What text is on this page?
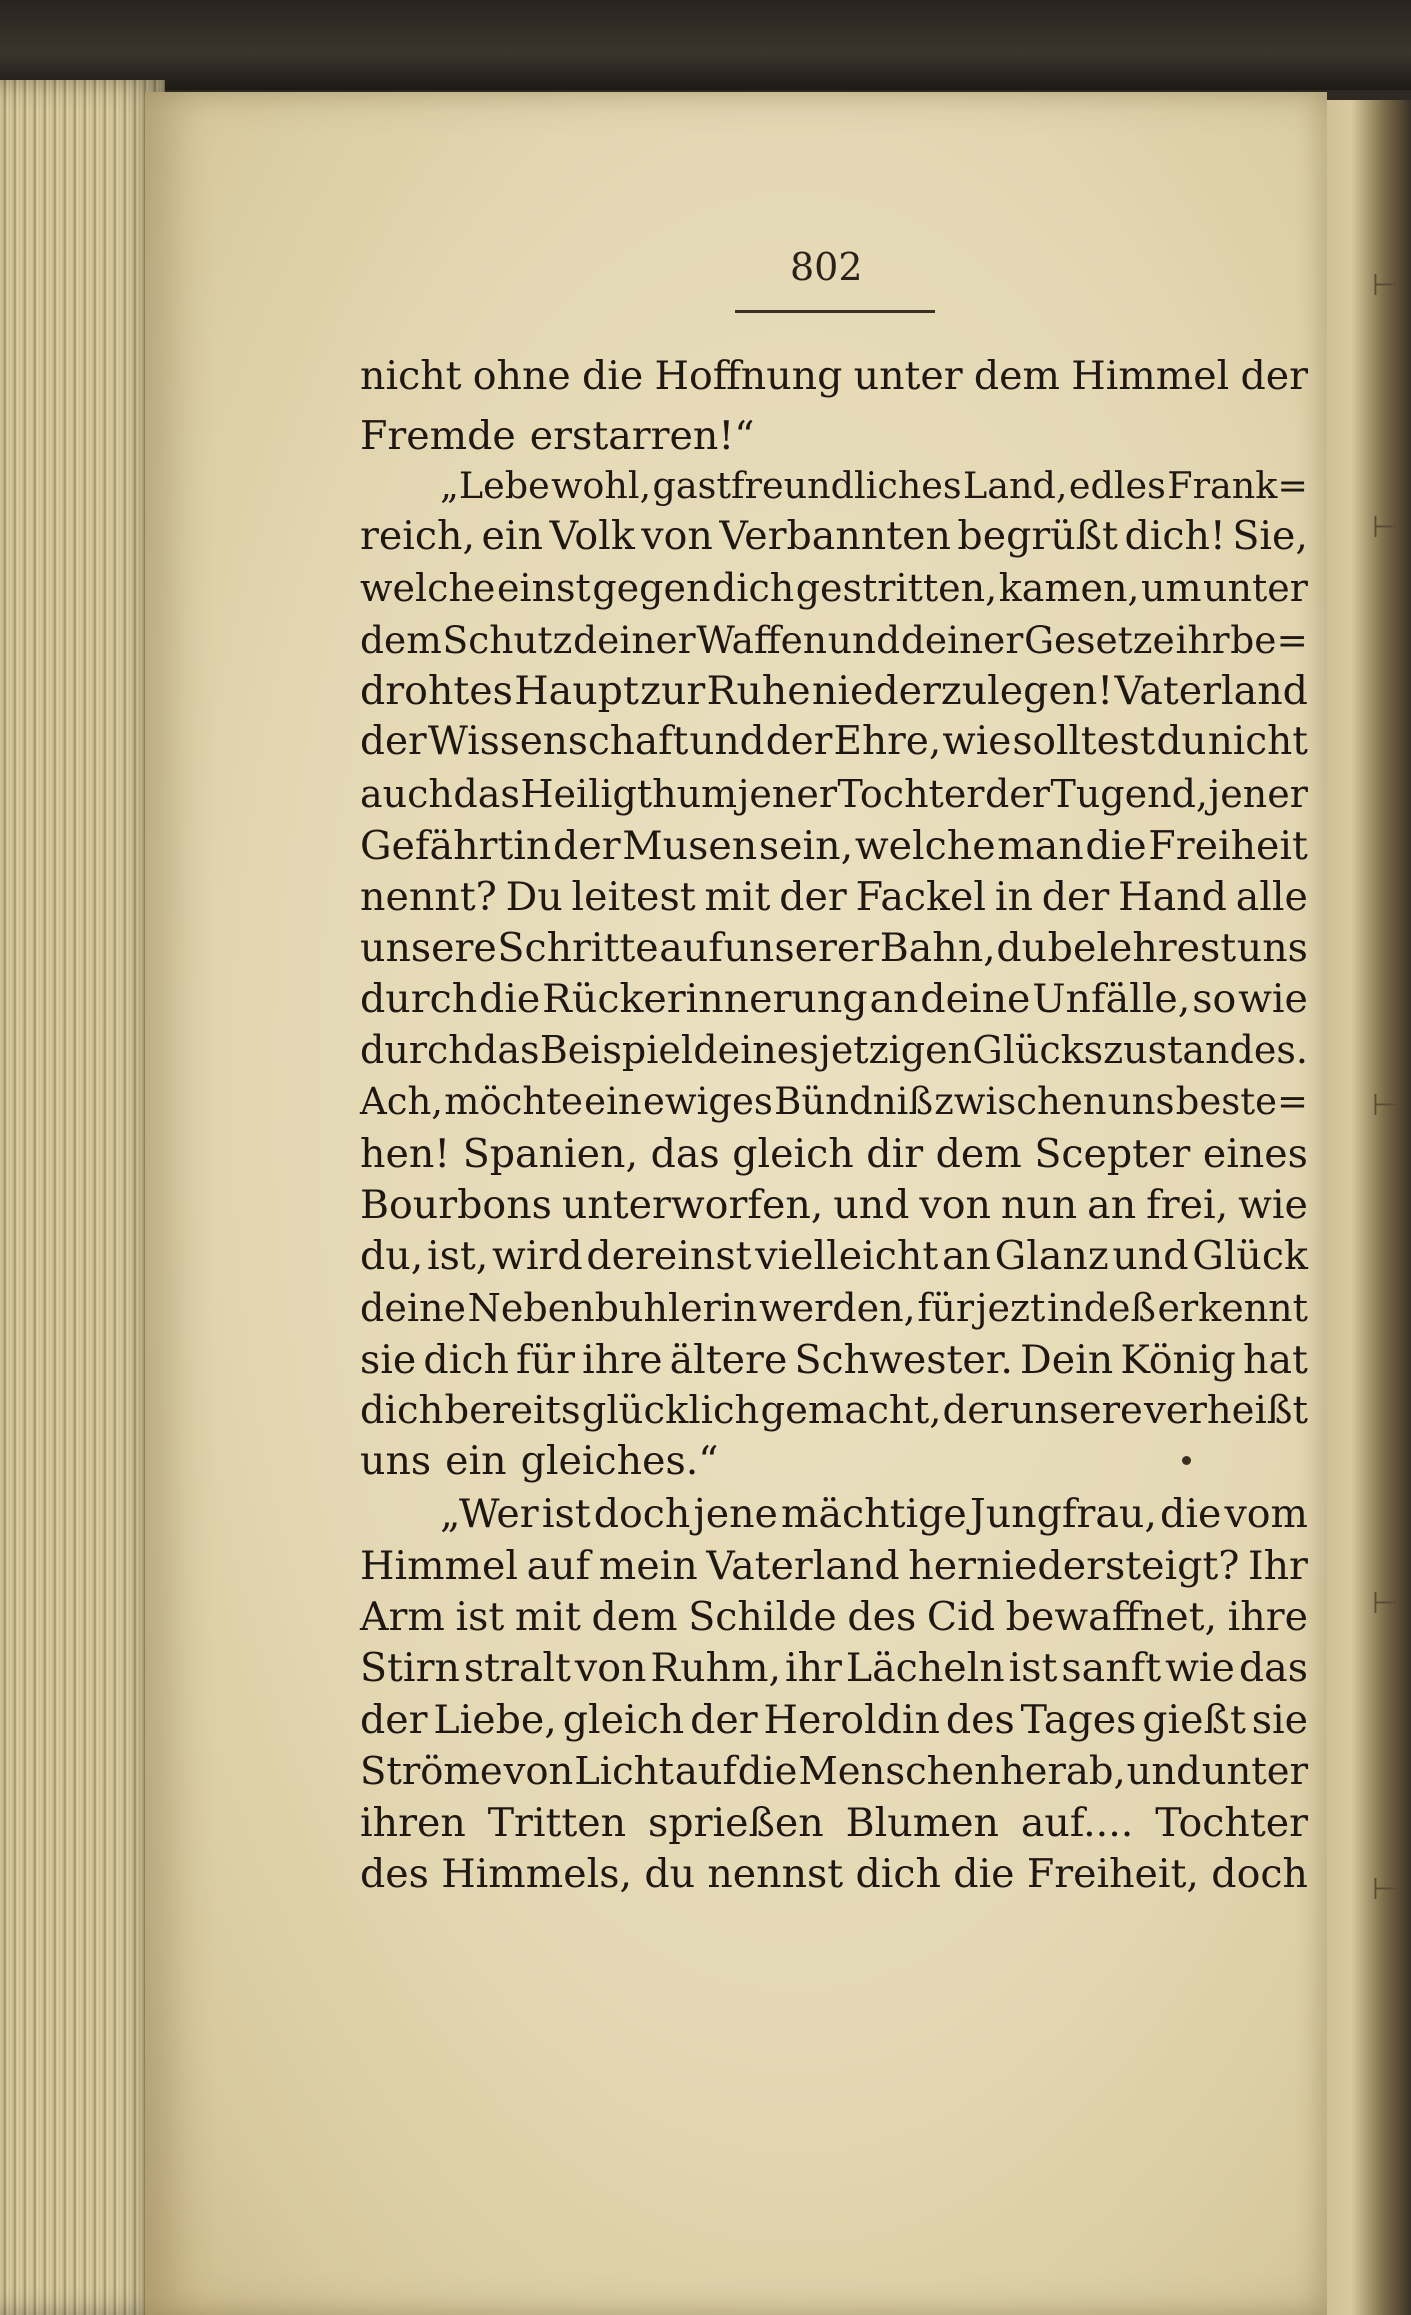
802

nicht ohne die Hoffnung unter dem Himmel der

Fremde erstarren!“

„Lebe wohl, gastfreundliches Land, edles Frank=

reich, ein Volk von Verbannten begrüßt dich! Sie,

welche einst gegen dich gestritten, kamen, um unter

dem Schutz deiner Waffen und deiner Gesetze ihr be=

drohtes Haupt zur Ruhe niederzulegen! Vaterland

der Wissenschaft und der Ehre, wie solltest du nicht

auch das Heiligthum jener Tochter der Tugend, jener

Gefährtin der Musen sein, welche man die Freiheit

nennt? Du leitest mit der Fackel in der Hand alle

unsere Schritte auf unserer Bahn, du belehrest uns

durch die Rückerinnerung an deine Unfälle, so wie

durch das Beispiel deines jetzigen Glückszustandes.

Ach, möchte ein ewiges Bündniß zwischen uns beste=

hen! Spanien, das gleich dir dem Scepter eines

Bourbons unterworfen, und von nun an frei, wie

du, ist, wird dereinst vielleicht an Glanz und Glück

deine Nebenbuhlerin werden, für jezt indeß erkennt

sie dich für ihre ältere Schwester. Dein König hat

dich bereits glücklich gemacht, der unsere verheißt

uns ein gleiches.“

„Wer ist doch jene mächtige Jungfrau, die vom

Himmel auf mein Vaterland herniedersteigt? Ihr

Arm ist mit dem Schilde des Cid bewaffnet, ihre

Stirn stralt von Ruhm, ihr Lächeln ist sanft wie das

der Liebe, gleich der Heroldin des Tages gießt sie

Ströme von Licht auf die Menschen herab, und unter

ihren Tritten sprießen Blumen auf.... Tochter

des Himmels, du nennst dich die Freiheit, doch

⊢
⊢
⊢
⊢
⊢
